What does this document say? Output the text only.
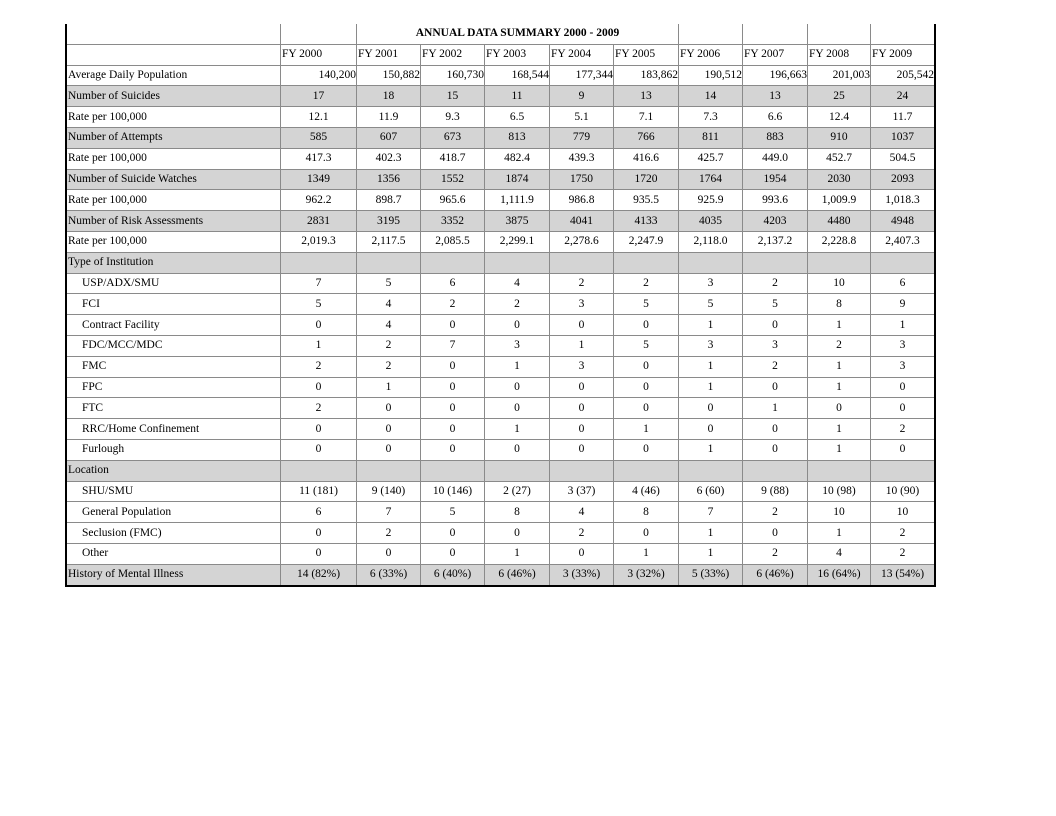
		ANNUAL DATA SUMMARY 2000 - 2009								
	FY 2000	FY 2001	FY 2002	FY 2003	FY 2004	FY 2005	FY 2006	FY 2007	FY 2008	FY 2009
Average Daily Population	140,200	150,882	160,730	168,544	177,344	183,862	190,512	196,663	201,003	205,542
Number of Suicides	17	18	15	11	9	13	14	13	25	24
Rate per 100,000	12.1	11.9	9.3	6.5	5.1	7.1	7.3	6.6	12.4	11.7
Number of Attempts	585	607	673	813	779	766	811	883	910	1037
Rate per 100,000	417.3	402.3	418.7	482.4	439.3	416.6	425.7	449.0	452.7	504.5
Number of Suicide Watches	1349	1356	1552	1874	1750	1720	1764	1954	2030	2093
Rate per 100,000	962.2	898.7	965.6	1,111.9	986.8	935.5	925.9	993.6	1,009.9	1,018.3
Number of Risk Assessments	2831	3195	3352	3875	4041	4133	4035	4203	4480	4948
Rate per 100,000	2,019.3	2,117.5	2,085.5	2,299.1	2,278.6	2,247.9	2,118.0	2,137.2	2,228.8	2,407.3
Type of Institution										
USP/ADX/SMU	7	5	6	4	2	2	3	2	10	6
FCI	5	4	2	2	3	5	5	5	8	9
Contract Facility	0	4	0	0	0	0	1	0	1	1
FDC/MCC/MDC	1	2	7	3	1	5	3	3	2	3
FMC	2	2	0	1	3	0	1	2	1	3
FPC	0	1	0	0	0	0	1	0	1	0
FTC	2	0	0	0	0	0	0	1	0	0
RRC/Home Confinement	0	0	0	1	0	1	0	0	1	2
Furlough	0	0	0	0	0	0	1	0	1	0
Location										
SHU/SMU	11 (181)	9 (140)	10 (146)	2 (27)	3 (37)	4 (46)	6 (60)	9 (88)	10 (98)	10 (90)
General Population	6	7	5	8	4	8	7	2	10	10
Seclusion (FMC)	0	2	0	0	2	0	1	0	1	2
Other	0	0	0	1	0	1	1	2	4	2
History of Mental Illness	14 (82%)	6 (33%)	6 (40%)	6 (46%)	3 (33%)	3 (32%)	5 (33%)	6 (46%)	16 (64%)	13 (54%)
